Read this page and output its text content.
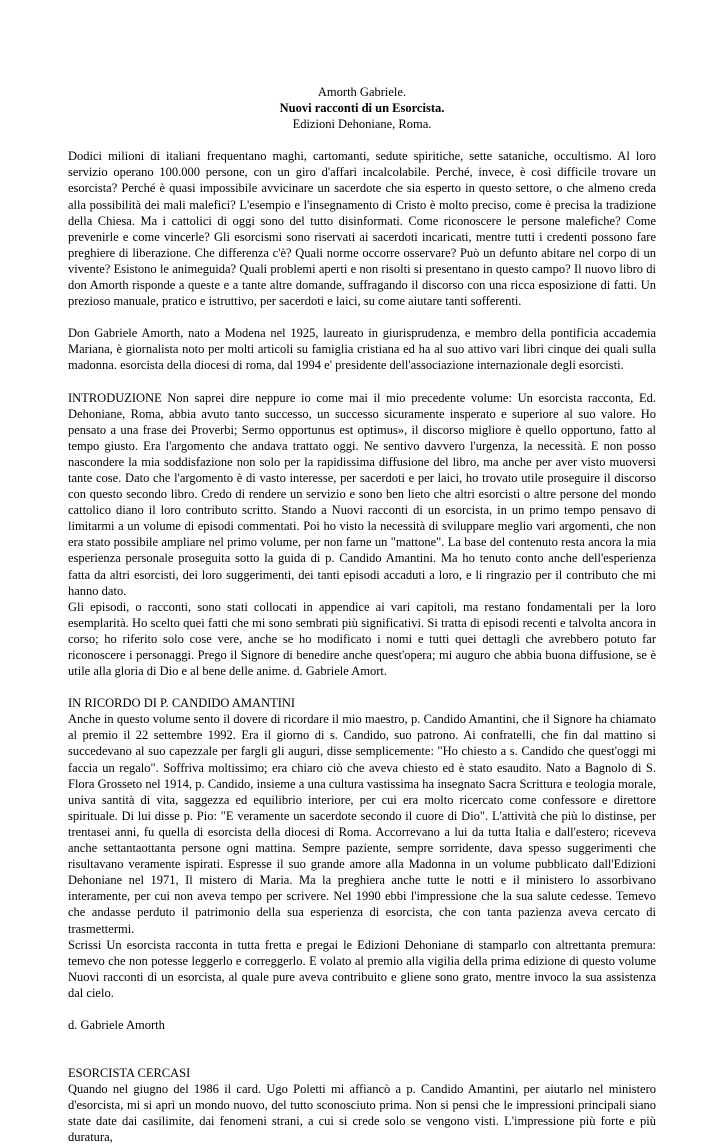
Amorth Gabriele.

Nuovi racconti di un Esorcista.

Edizioni Dehoniane, Roma.

Dodici milioni di italiani frequentano maghi, cartomanti, sedute spiritiche, sette sataniche, occultismo. Al loro servizio operano 100.000 persone, con un giro d'affari incalcolabile. Perché, invece, è così difficile trovare un esorcista? Perché è quasi impossibile avvicinare un sacerdote che sia esperto in questo settore, o che almeno creda alla possibilità dei mali malefici? L'esempio e l'insegnamento di Cristo è molto preciso, come è precisa la tradizione della Chiesa. Ma i cattolici di oggi sono del tutto disinformati. Come riconoscere le persone malefiche? Come prevenirle e come vincerle? Gli esorcismi sono riservati ai sacerdoti incaricati, mentre tutti i credenti possono fare preghiere di liberazione. Che differenza c'è? Quali norme occorre osservare? Può un defunto abitare nel corpo di un vivente? Esistono le animeguida? Quali problemi aperti e non risolti si presentano in questo campo? Il nuovo libro di don Amorth risponde a queste e a tante altre domande, suffragando il discorso con una ricca esposizione di fatti. Un prezioso manuale, pratico e istruttivo, per sacerdoti e laici, su come aiutare tanti sofferenti.

Don Gabriele Amorth, nato a Modena nel 1925, laureato in giurisprudenza, e membro della pontificia accademia Mariana, è giornalista noto per molti articoli su famiglia cristiana ed ha al suo attivo vari libri cinque dei quali sulla madonna. esorcista della diocesi di roma, dal 1994 e' presidente dell'associazione internazionale degli esorcisti.

INTRODUZIONE Non saprei dire neppure io come mai il mio precedente volume: Un esorcista racconta, Ed. Dehoniane, Roma, abbia avuto tanto successo, un successo sicuramente insperato e superiore al suo valore. Ho pensato a una frase dei Proverbi; Sermo opportunus est optimus», il discorso migliore è quello opportuno, fatto al tempo giusto. Era l'argomento che andava trattato oggi. Ne sentivo davvero l'urgenza, la necessità. E non posso nascondere la mia soddisfazione non solo per la rapidissima diffusione del libro, ma anche per aver visto muoversi tante cose. Dato che l'argomento è di vasto interesse, per sacerdoti e per laici, ho trovato utile proseguire il discorso con questo secondo libro. Credo di rendere un servizio e sono ben lieto che altri esorcisti o altre persone del mondo cattolico diano il loro contributo scritto. Stando a Nuovi racconti di un esorcista, in un primo tempo pensavo di limitarmi a un volume di episodi commentati. Poi ho visto la necessità di sviluppare meglio vari argomenti, che non era stato possibile ampliare nel primo volume, per non farne un "mattone". La base del contenuto resta ancora la mia esperienza personale proseguita sotto la guida di p. Candido Amantini. Ma ho tenuto conto anche dell'esperienza fatta da altri esorcisti, dei loro suggerimenti, dei tanti episodi accaduti a loro, e li ringrazio per il contributo che mi hanno dato.

Gli episodi, o racconti, sono stati collocati in appendice ai vari capitoli, ma restano fondamentali per la loro esemplarità. Ho scelto quei fatti che mi sono sembrati più significativi. Si tratta di episodi recenti e talvolta ancora in corso; ho riferito solo cose vere, anche se ho modificato i nomi e tutti quei dettagli che avrebbero potuto far riconoscere i personaggi. Prego il Signore di benedire anche quest'opera; mi auguro che abbia buona diffusione, se è utile alla gloria di Dio e al bene delle anime. d. Gabriele Amort.

IN RICORDO DI P. CANDIDO AMANTINI

Anche in questo volume sento il dovere di ricordare il mio maestro, p. Candido Amantini, che il Signore ha chiamato al premio il 22 settembre 1992. Era il giorno di s. Candido, suo patrono. Ai confratelli, che fin dal mattino si succedevano al suo capezzale per fargli gli auguri, disse semplicemente: "Ho chiesto a s. Candido che quest'oggi mi faccia un regalo". Soffriva moltissimo; era chiaro ciò che aveva chiesto ed è stato esaudito. Nato a Bagnolo di S. Flora Grosseto nel 1914, p. Candido, insieme a una cultura vastissima ha insegnato Sacra Scrittura e teologia morale, univa santità di vita, saggezza ed equilibrio interiore, per cui era molto ricercato come confessore e direttore spirituale. Di lui disse p. Pio: "E veramente un sacerdote secondo il cuore di Dio". L'attività che più lo distinse, per trentasei anni, fu quella di esorcista della diocesi di Roma. Accorrevano a lui da tutta Italia e dall'estero; riceveva anche settantaottanta persone ogni mattina. Sempre paziente, sempre sorridente, dava spesso suggerimenti che risultavano veramente ispirati. Espresse il suo grande amore alla Madonna in un volume pubblicato dall'Edizioni Dehoniane nel 1971, Il mistero di Maria. Ma la preghiera anche tutte le notti e il ministero lo assorbivano interamente, per cui non aveva tempo per scrivere. Nel 1990 ebbi l'impressione che la sua salute cedesse. Temevo che andasse perduto il patrimonio della sua esperienza di esorcista, che con tanta pazienza aveva cercato di trasmettermi.

Scrissi Un esorcista racconta in tutta fretta e pregai le Edizioni Dehoniane di stamparlo con altrettanta premura: temevo che non potesse leggerlo e correggerlo. E volato al premio alla vigilia della prima edizione di questo volume Nuovi racconti di un esorcista, al quale pure aveva contribuito e gliene sono grato, mentre invoco la sua assistenza dal cielo.

d. Gabriele Amorth

ESORCISTA CERCASI

Quando nel giugno del 1986 il card. Ugo Poletti mi affiancò a p. Candido Amantini, per aiutarlo nel ministero d'esorcista, mi si aprì un mondo nuovo, del tutto sconosciuto prima. Non si pensi che le impressioni principali siano state date dai casilimite, dai fenomeni strani, a cui si crede solo se vengono visti. L'impressione più forte e più duratura,
